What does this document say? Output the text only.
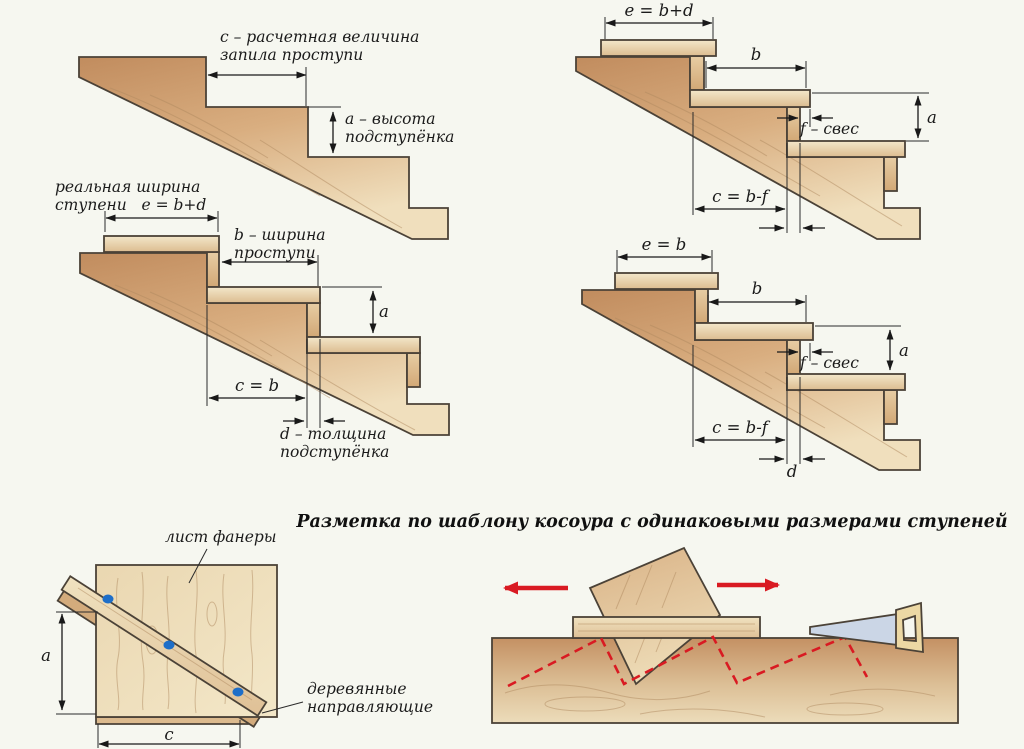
с – расчетная величина
запила проступи
а – высота
подступёнка
реальная ширина
ступени   e = b+d
b – ширина
проступи
a
c = b
d – толщина
подступёнка
e = b+d
b
a
f – свес
c = b-f
e = b
b
a
f – свес
c = b-f
d
Разметка по шаблону косоура с одинаковыми размерами ступеней
лист фанеры
a
с
деревянные
направляющие
